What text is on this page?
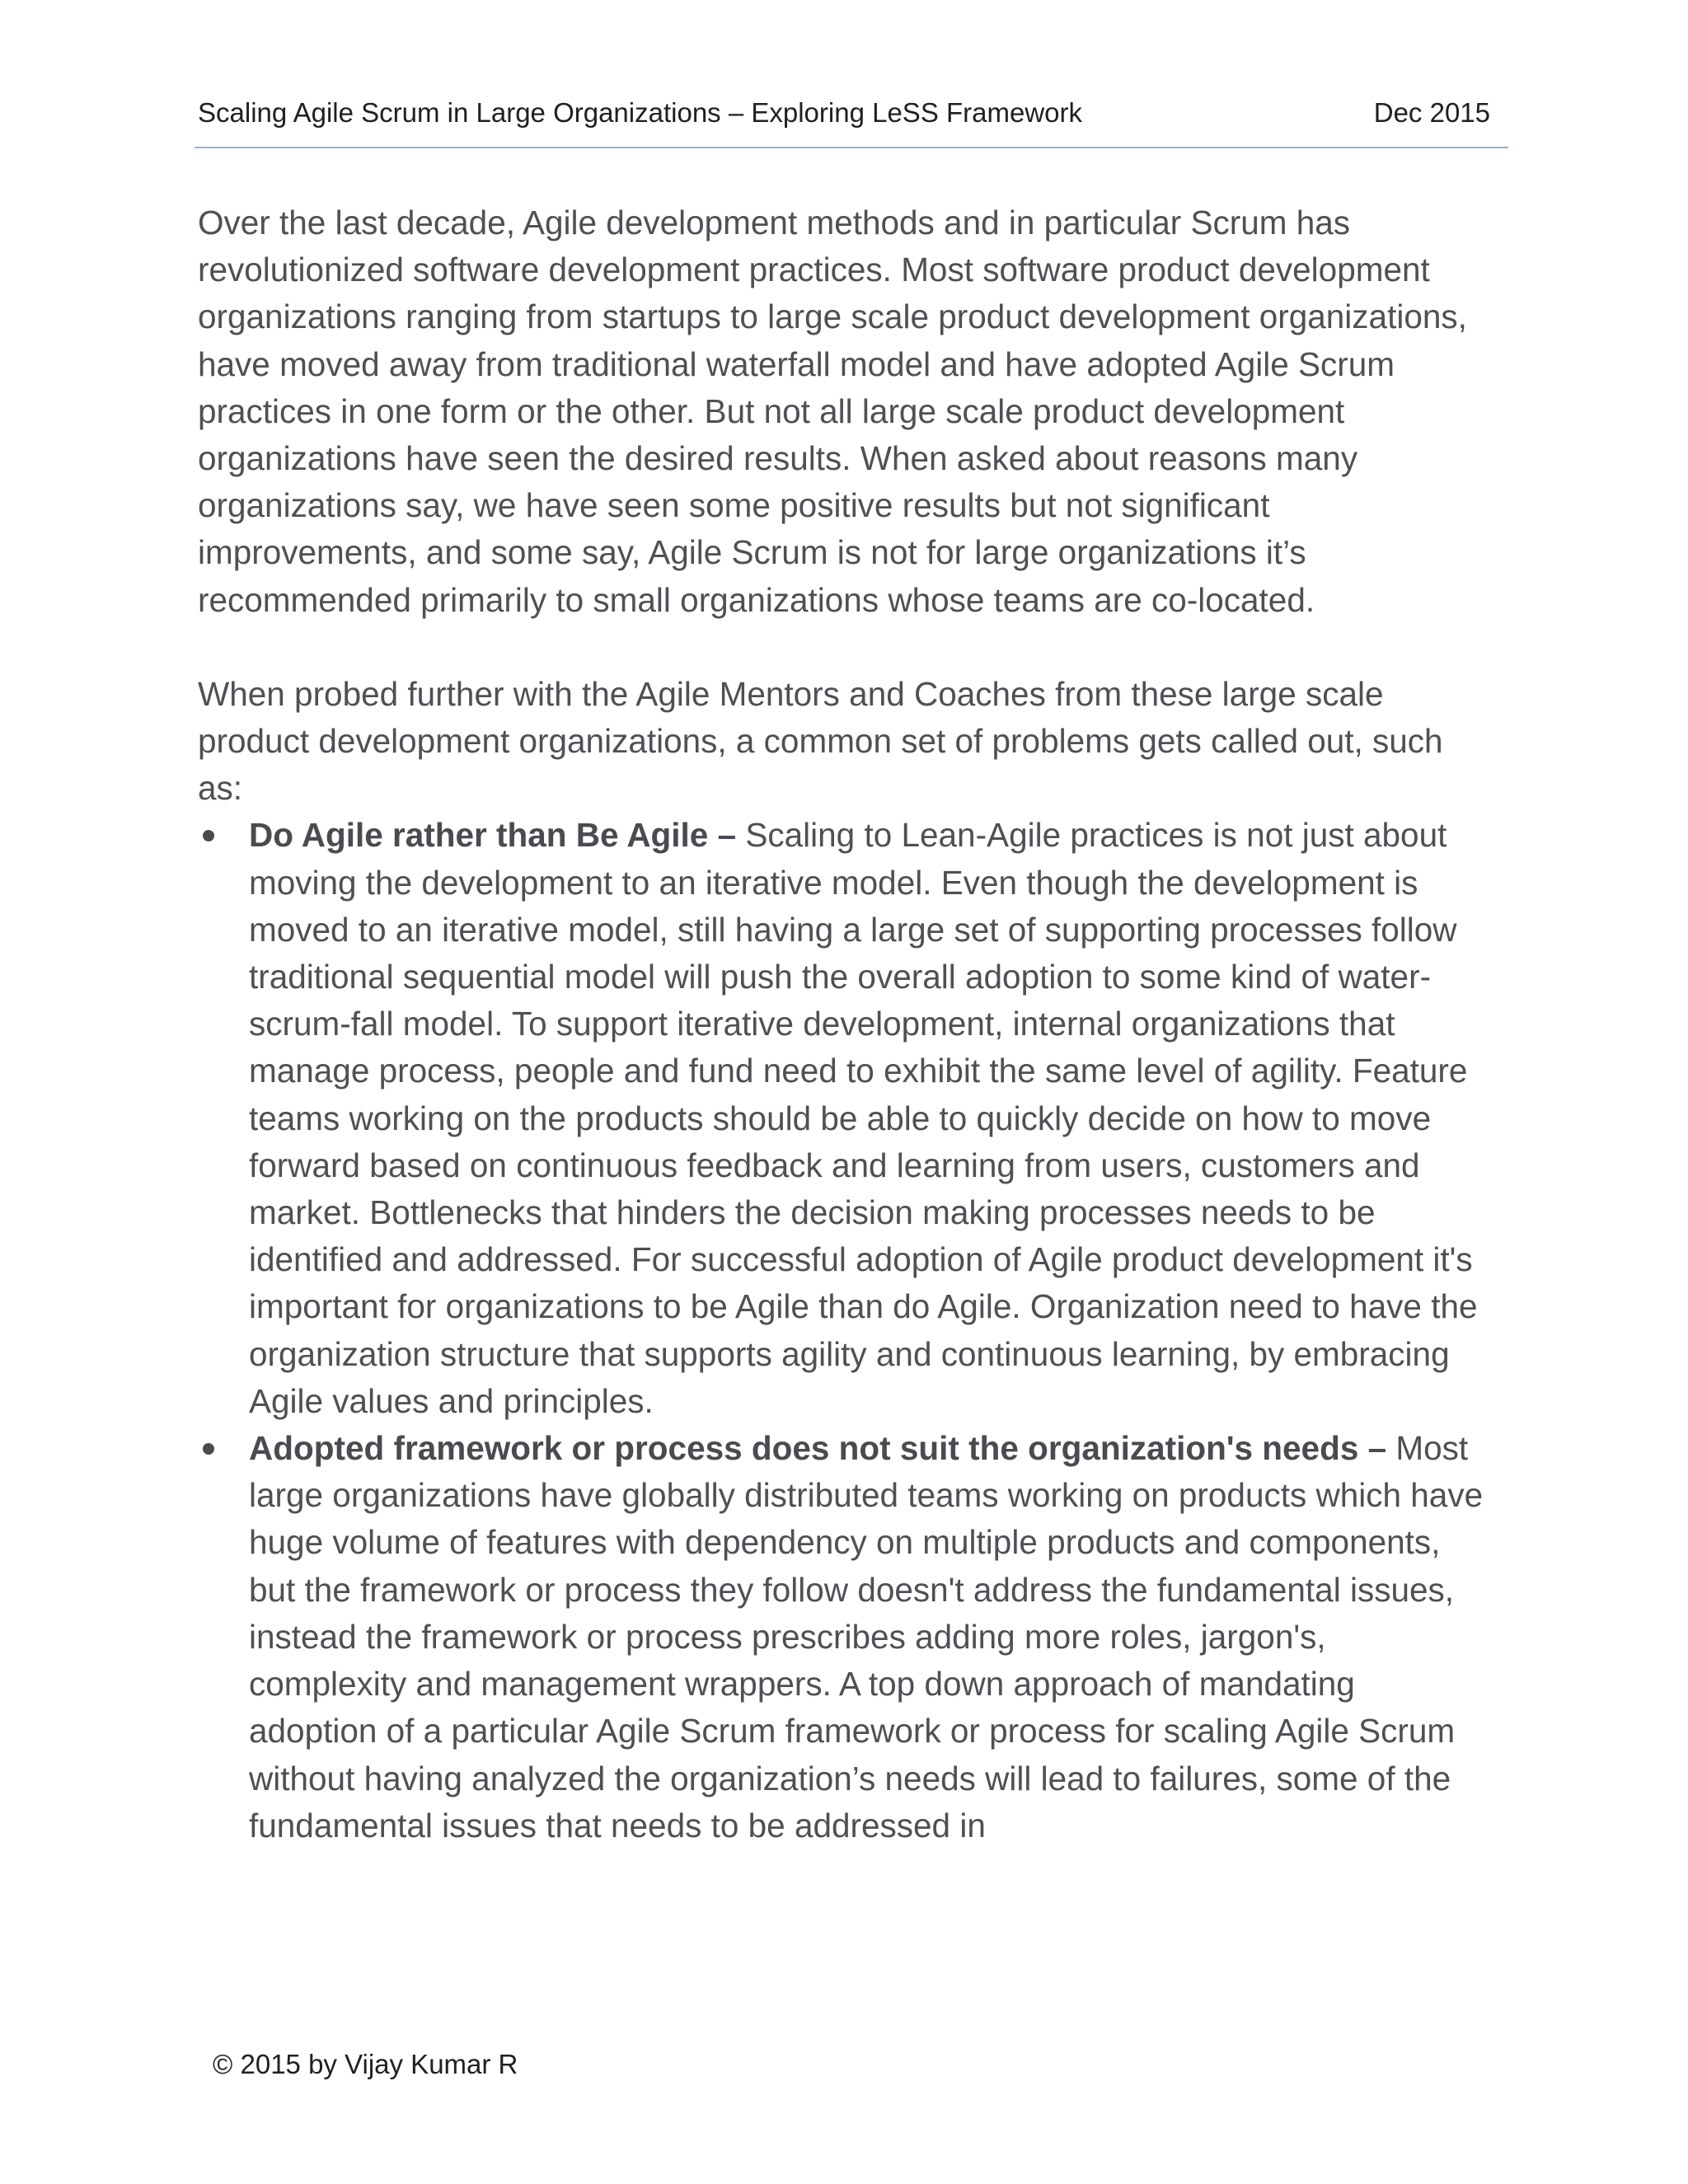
Scaling Agile Scrum in Large Organizations – Exploring LeSS Framework	Dec 2015

Over the last decade, Agile development methods and in particular Scrum has revolutionized software development practices. Most software product development organizations ranging from startups to large scale product development organizations, have moved away from traditional waterfall model and have adopted Agile Scrum practices in one form or the other. But not all large scale product development organizations have seen the desired results. When asked about reasons many organizations say, we have seen some positive results but not significant improvements, and some say, Agile Scrum is not for large organizations it’s recommended primarily to small organizations whose teams are co-located.

When probed further with the Agile Mentors and Coaches from these large scale product development organizations, a common set of problems gets called out, such as:

Do Agile rather than Be Agile – Scaling to Lean-Agile practices is not just about moving the development to an iterative model. Even though the development is moved to an iterative model, still having a large set of supporting processes follow traditional sequential model will push the overall adoption to some kind of water-scrum-fall model. To support iterative development, internal organizations that manage process, people and fund need to exhibit the same level of agility. Feature teams working on the products should be able to quickly decide on how to move forward based on continuous feedback and learning from users, customers and market. Bottlenecks that hinders the decision making processes needs to be identified and addressed. For successful adoption of Agile product development it's important for organizations to be Agile than do Agile. Organization need to have the organization structure that supports agility and continuous learning, by embracing Agile values and principles.
Adopted framework or process does not suit the organization's needs – Most large organizations have globally distributed teams working on products which have huge volume of features with dependency on multiple products and components, but the framework or process they follow doesn't address the fundamental issues, instead the framework or process prescribes adding more roles, jargon's, complexity and management wrappers. A top down approach of mandating adoption of a particular Agile Scrum framework or process for scaling Agile Scrum without having analyzed the organization’s needs will lead to failures, some of the fundamental issues that needs to be addressed in
© 2015 by Vijay Kumar R
